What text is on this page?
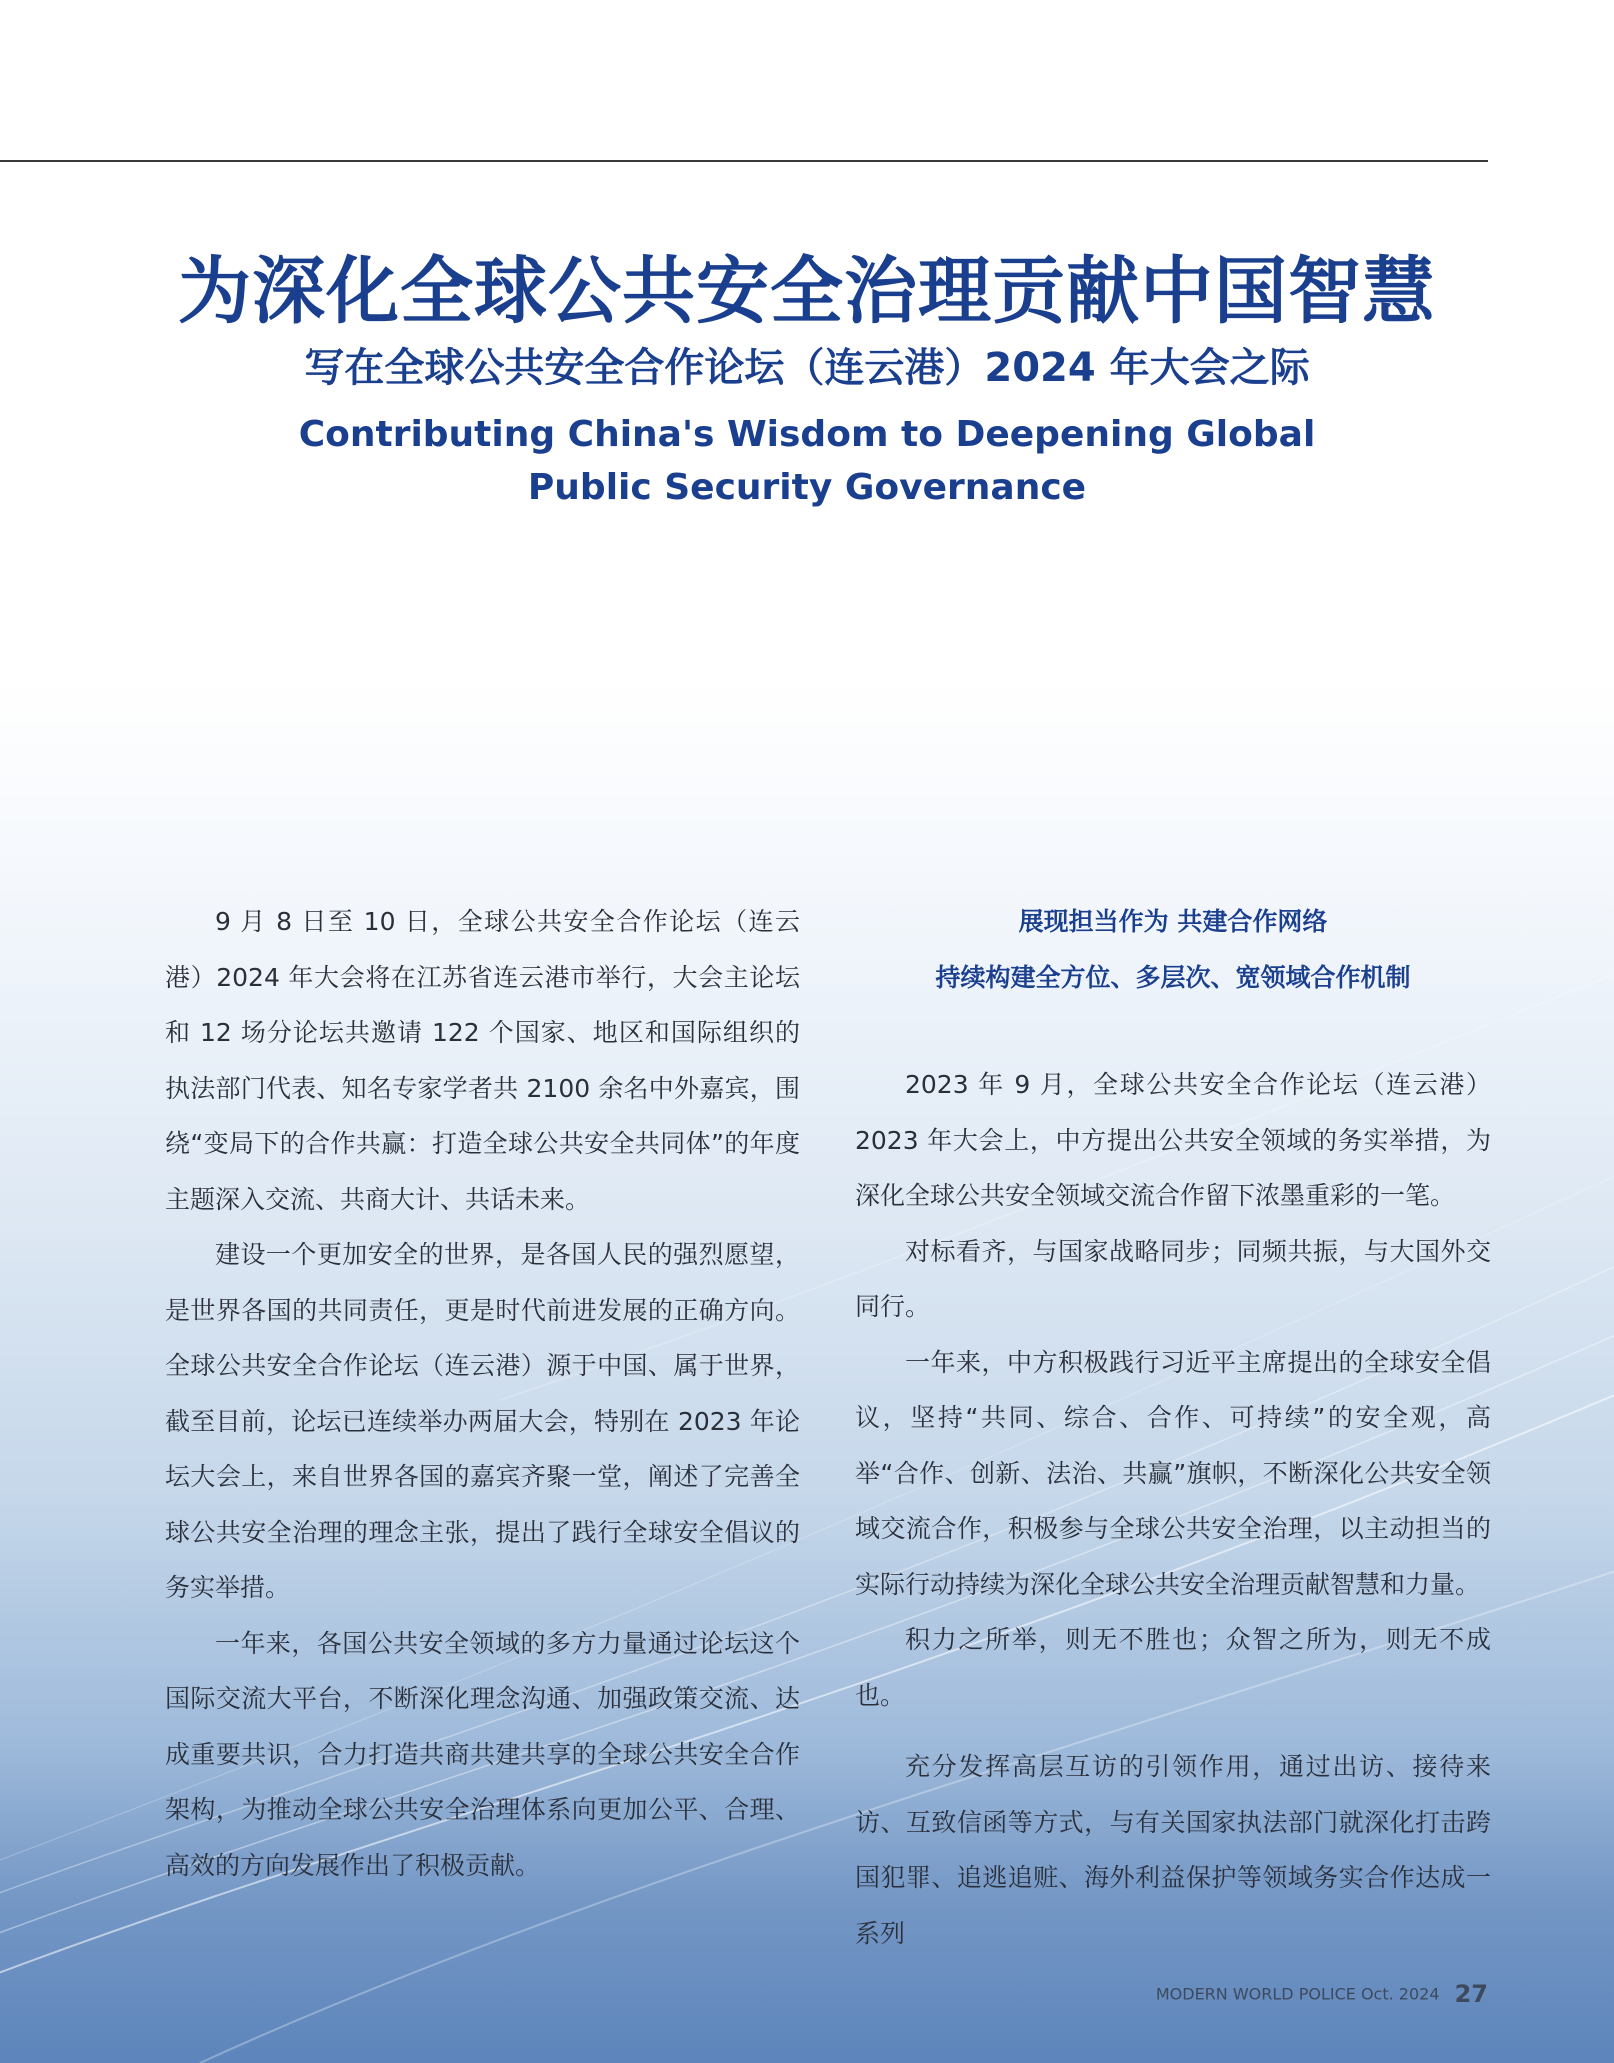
为深化全球公共安全治理贡献中国智慧
写在全球公共安全合作论坛（连云港）2024 年大会之际
Contributing China's Wisdom to Deepening Global
Public Security Governance

9 月 8 日至 10 日，全球公共安全合作论坛（连云港）2024 年大会将在江苏省连云港市举行，大会主论坛和 12 场分论坛共邀请 122 个国家、地区和国际组织的执法部门代表、知名专家学者共 2100 余名中外嘉宾，围绕“变局下的合作共赢：打造全球公共安全共同体”的年度主题深入交流、共商大计、共话未来。

建设一个更加安全的世界，是各国人民的强烈愿望，是世界各国的共同责任，更是时代前进发展的正确方向。全球公共安全合作论坛（连云港）源于中国、属于世界，截至目前，论坛已连续举办两届大会，特别在 2023 年论坛大会上，来自世界各国的嘉宾齐聚一堂，阐述了完善全球公共安全治理的理念主张，提出了践行全球安全倡议的务实举措。

一年来，各国公共安全领域的多方力量通过论坛这个国际交流大平台，不断深化理念沟通、加强政策交流、达成重要共识，合力打造共商共建共享的全球公共安全合作架构，为推动全球公共安全治理体系向更加公平、合理、高效的方向发展作出了积极贡献。

展现担当作为 共建合作网络
持续构建全方位、多层次、宽领域合作机制

2023 年 9 月，全球公共安全合作论坛（连云港）2023 年大会上，中方提出公共安全领域的务实举措，为深化全球公共安全领域交流合作留下浓墨重彩的一笔。

对标看齐，与国家战略同步；同频共振，与大国外交同行。

一年来，中方积极践行习近平主席提出的全球安全倡议，坚持“共同、综合、合作、可持续”的安全观，高举“合作、创新、法治、共赢”旗帜，不断深化公共安全领域交流合作，积极参与全球公共安全治理，以主动担当的实际行动持续为深化全球公共安全治理贡献智慧和力量。

积力之所举，则无不胜也；众智之所为，则无不成也。

充分发挥高层互访的引领作用，通过出访、接待来访、互致信函等方式，与有关国家执法部门就深化打击跨国犯罪、追逃追赃、海外利益保护等领域务实合作达成一系列

MODERN WORLD POLICE Oct. 2024 27
